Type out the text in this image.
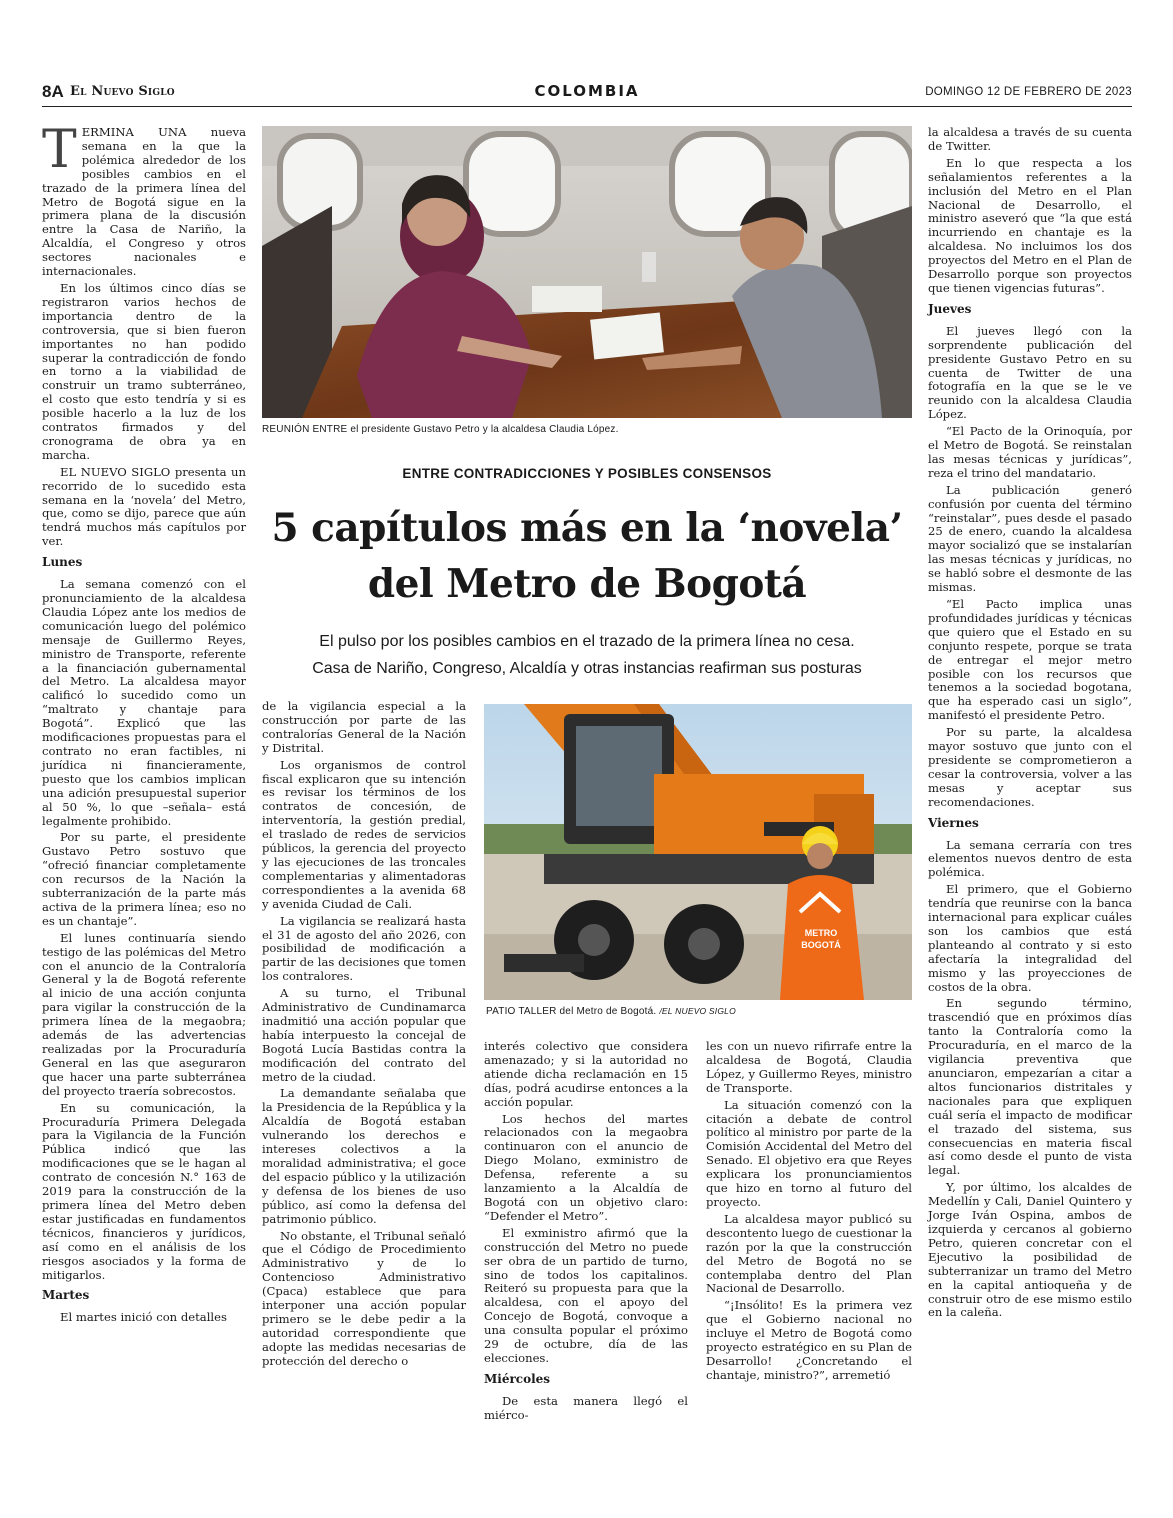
8A El Nuevo Siglo	COLOMBIA	DOMINGO 12 DE FEBRERO DE 2023

TERMINA UNA nueva semana en la que la polémica alrededor de los posibles cambios en el trazado de la primera línea del Metro de Bogotá sigue en la primera plana de la discusión entre la Casa de Nariño, la Alcaldía, el Congreso y otros sectores nacionales e internacionales.

En los últimos cinco días se registraron varios hechos de importancia dentro de la controversia, que si bien fueron importantes no han podido superar la contradicción de fondo en torno a la viabilidad de construir un tramo subterráneo, el costo que esto tendría y si es posible hacerlo a la luz de los contratos firmados y del cronograma de obra ya en marcha.

EL NUEVO SIGLO presenta un recorrido de lo sucedido esta semana en la ‘novela’ del Metro, que, como se dijo, parece que aún tendrá muchos más capítulos por ver.

Lunes

La semana comenzó con el pronunciamiento de la alcaldesa Claudia López ante los medios de comunicación luego del polémico mensaje de Guillermo Reyes, ministro de Transporte, referente a la financiación gubernamental del Metro. La alcaldesa mayor calificó lo sucedido como un “maltrato y chantaje para Bogotá”. Explicó que las modificaciones propuestas para el contrato no eran factibles, ni jurídica ni financieramente, puesto que los cambios implican una adición presupuestal superior al 50 %, lo que –señala– está legalmente prohibido.

Por su parte, el presidente Gustavo Petro sostuvo que “ofreció financiar completamente con recursos de la Nación la subterranización de la parte más activa de la primera línea; eso no es un chantaje”.

El lunes continuaría siendo testigo de las polémicas del Metro con el anuncio de la Contraloría General y la de Bogotá referente al inicio de una acción conjunta para vigilar la construcción de la primera línea de la megaobra; además de las advertencias realizadas por la Procuraduría General en las que aseguraron que hacer una parte subterránea del proyecto traería sobrecostos.

En su comunicación, la Procuraduría Primera Delegada para la Vigilancia de la Función Pública indicó que las modificaciones que se le hagan al contrato de concesión N.° 163 de 2019 para la construcción de la primera línea del Metro deben estar justificadas en fundamentos técnicos, financieros y jurídicos, así como en el análisis de los riesgos asociados y la forma de mitigarlos.

Martes

El martes inició con detalles

REUNIÓN ENTRE el presidente Gustavo Petro y la alcaldesa Claudia López.
ENTRE CONTRADICCIONES Y POSIBLES CONSENSOS
5 capítulos más en la ‘novela’
del Metro de Bogotá
El pulso por los posibles cambios en el trazado de la primera línea no cesa.
Casa de Nariño, Congreso, Alcaldía y otras instancias reafirman sus posturas

de la vigilancia especial a la construcción por parte de las contralorías General de la Nación y Distrital.

Los organismos de control fiscal explicaron que su intención es revisar los términos de los contratos de concesión, de interventoría, la gestión predial, el traslado de redes de servicios públicos, la gerencia del proyecto y las ejecuciones de las troncales complementarias y alimentadoras correspondientes a la avenida 68 y avenida Ciudad de Cali.

La vigilancia se realizará hasta el 31 de agosto del año 2026, con posibilidad de modificación a partir de las decisiones que tomen los contralores.

A su turno, el Tribunal Administrativo de Cundinamarca inadmitió una acción popular que había interpuesto la concejal de Bogotá Lucía Bastidas contra la modificación del contrato del metro de la ciudad.

La demandante señalaba que la Presidencia de la República y la Alcaldía de Bogotá estaban vulnerando los derechos e intereses colectivos a la moralidad administrativa; el goce del espacio público y la utilización y defensa de los bienes de uso público, así como la defensa del patrimonio público.

No obstante, el Tribunal señaló que el Código de Procedimiento Administrativo y de lo Contencioso Administrativo (Cpaca) establece que para interponer una acción popular primero se le debe pedir a la autoridad correspondiente que adopte las medidas necesarias de protección del derecho o

METRO
BOGOTÁ
PATIO TALLER del Metro de Bogotá. /EL NUEVO SIGLO

interés colectivo que considera amenazado; y si la autoridad no atiende dicha reclamación en 15 días, podrá acudirse entonces a la acción popular.

Los hechos del martes relacionados con la megaobra continuaron con el anuncio de Diego Molano, exministro de Defensa, referente a su lanzamiento a la Alcaldía de Bogotá con un objetivo claro: “Defender el Metro”.

El exministro afirmó que la construcción del Metro no puede ser obra de un partido de turno, sino de todos los capitalinos. Reiteró su propuesta para que la alcaldesa, con el apoyo del Concejo de Bogotá, convoque a una consulta popular el próximo 29 de octubre, día de las elecciones.

Miércoles

De esta manera llegó el miérco-

les con un nuevo rifirrafe entre la alcaldesa de Bogotá, Claudia López, y Guillermo Reyes, ministro de Transporte.

La situación comenzó con la citación a debate de control político al ministro por parte de la Comisión Accidental del Metro del Senado. El objetivo era que Reyes explicara los pronunciamientos que hizo en torno al futuro del proyecto.

La alcaldesa mayor publicó su descontento luego de cuestionar la razón por la que la construcción del Metro de Bogotá no se contemplaba dentro del Plan Nacional de Desarrollo.

“¡Insólito! Es la primera vez que el Gobierno nacional no incluye el Metro de Bogotá como proyecto estratégico en su Plan de Desarrollo! ¿Concretando el chantaje, ministro?”, arremetió

la alcaldesa a través de su cuenta de Twitter.

En lo que respecta a los señalamientos referentes a la inclusión del Metro en el Plan Nacional de Desarrollo, el ministro aseveró que “la que está incurriendo en chantaje es la alcaldesa. No incluimos los dos proyectos del Metro en el Plan de Desarrollo porque son proyectos que tienen vigencias futuras”.

Jueves

El jueves llegó con la sorprendente publicación del presidente Gustavo Petro en su cuenta de Twitter de una fotografía en la que se le ve reunido con la alcaldesa Claudia López.

“El Pacto de la Orinoquía, por el Metro de Bogotá. Se reinstalan las mesas técnicas y jurídicas”, reza el trino del mandatario.

La publicación generó confusión por cuenta del término “reinstalar”, pues desde el pasado 25 de enero, cuando la alcaldesa mayor socializó que se instalarían las mesas técnicas y jurídicas, no se habló sobre el desmonte de las mismas.

“El Pacto implica unas profundidades jurídicas y técnicas que quiero que el Estado en su conjunto respete, porque se trata de entregar el mejor metro posible con los recursos que tenemos a la sociedad bogotana, que ha esperado casi un siglo”, manifestó el presidente Petro.

Por su parte, la alcaldesa mayor sostuvo que junto con el presidente se comprometieron a cesar la controversia, volver a las mesas y aceptar sus recomendaciones.

Viernes

La semana cerraría con tres elementos nuevos dentro de esta polémica.

El primero, que el Gobierno tendría que reunirse con la banca internacional para explicar cuáles son los cambios que está planteando al contrato y si esto afectaría la integralidad del mismo y las proyecciones de costos de la obra.

En segundo término, trascendió que en próximos días tanto la Contraloría como la Procuraduría, en el marco de la vigilancia preventiva que anunciaron, empezarían a citar a altos funcionarios distritales y nacionales para que expliquen cuál sería el impacto de modificar el trazado del sistema, sus consecuencias en materia fiscal así como desde el punto de vista legal.

Y, por último, los alcaldes de Medellín y Cali, Daniel Quintero y Jorge Iván Ospina, ambos de izquierda y cercanos al gobierno Petro, quieren concretar con el Ejecutivo la posibilidad de subterranizar un tramo del Metro en la capital antioqueña y de construir otro de ese mismo estilo en la caleña.
